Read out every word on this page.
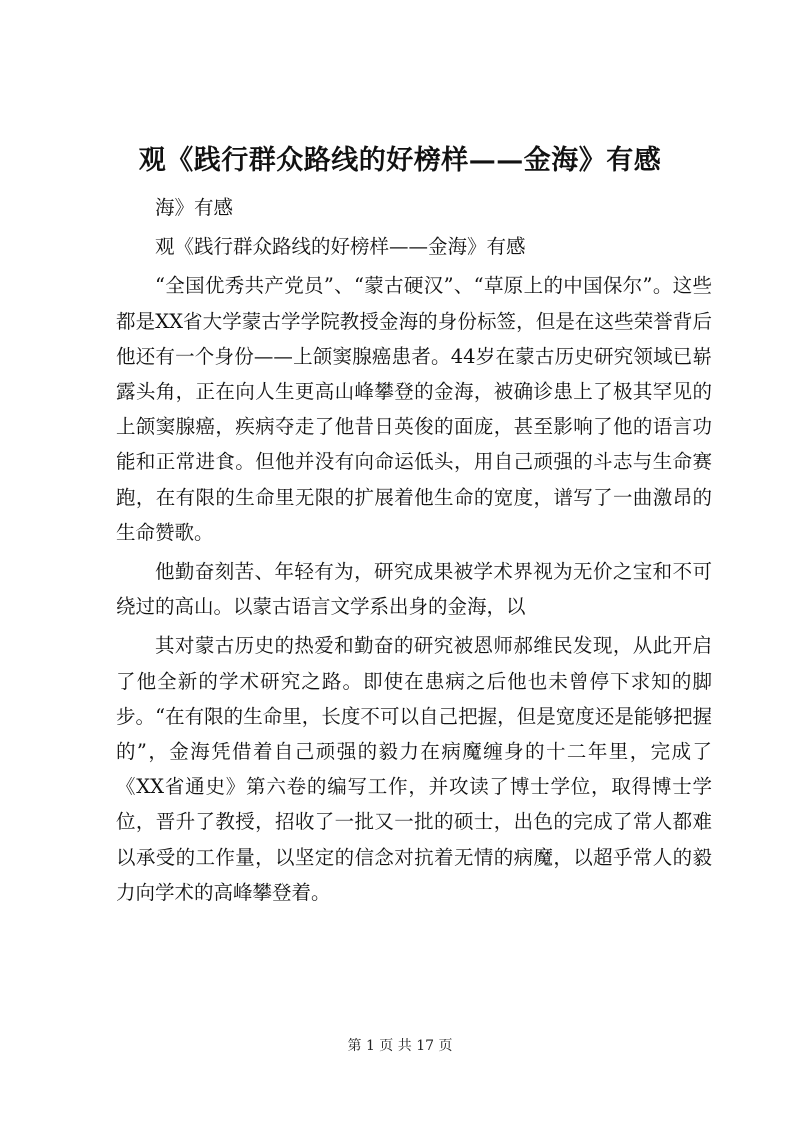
观《践行群众路线的好榜样——金海》有感

海》有感

观《践行群众路线的好榜样——金海》有感

“全国优秀共产党员”、“蒙古硬汉”、“草原上的中国保尔”。这些都是XX省大学蒙古学学院教授金海的身份标签，但是在这些荣誉背后他还有一个身份——上颌窦腺癌患者。44岁在蒙古历史研究领域已崭露头角，正在向人生更高山峰攀登的金海，被确诊患上了极其罕见的上颌窦腺癌，疾病夺走了他昔日英俊的面庞，甚至影响了他的语言功能和正常进食。但他并没有向命运低头，用自己顽强的斗志与生命赛跑，在有限的生命里无限的扩展着他生命的宽度，谱写了一曲激昂的生命赞歌。

他勤奋刻苦、年轻有为，研究成果被学术界视为无价之宝和不可绕过的高山。以蒙古语言文学系出身的金海，以

其对蒙古历史的热爱和勤奋的研究被恩师郝维民发现，从此开启了他全新的学术研究之路。即使在患病之后他也未曾停下求知的脚步。“在有限的生命里，长度不可以自己把握，但是宽度还是能够把握的”，金海凭借着自己顽强的毅力在病魔缠身的十二年里，完成了《XX省通史》第六卷的编写工作，并攻读了博士学位，取得博士学位，晋升了教授，招收了一批又一批的硕士，出色的完成了常人都难以承受的工作量，以坚定的信念对抗着无情的病魔，以超乎常人的毅力向学术的高峰攀登着。

第 1 页 共 17 页
